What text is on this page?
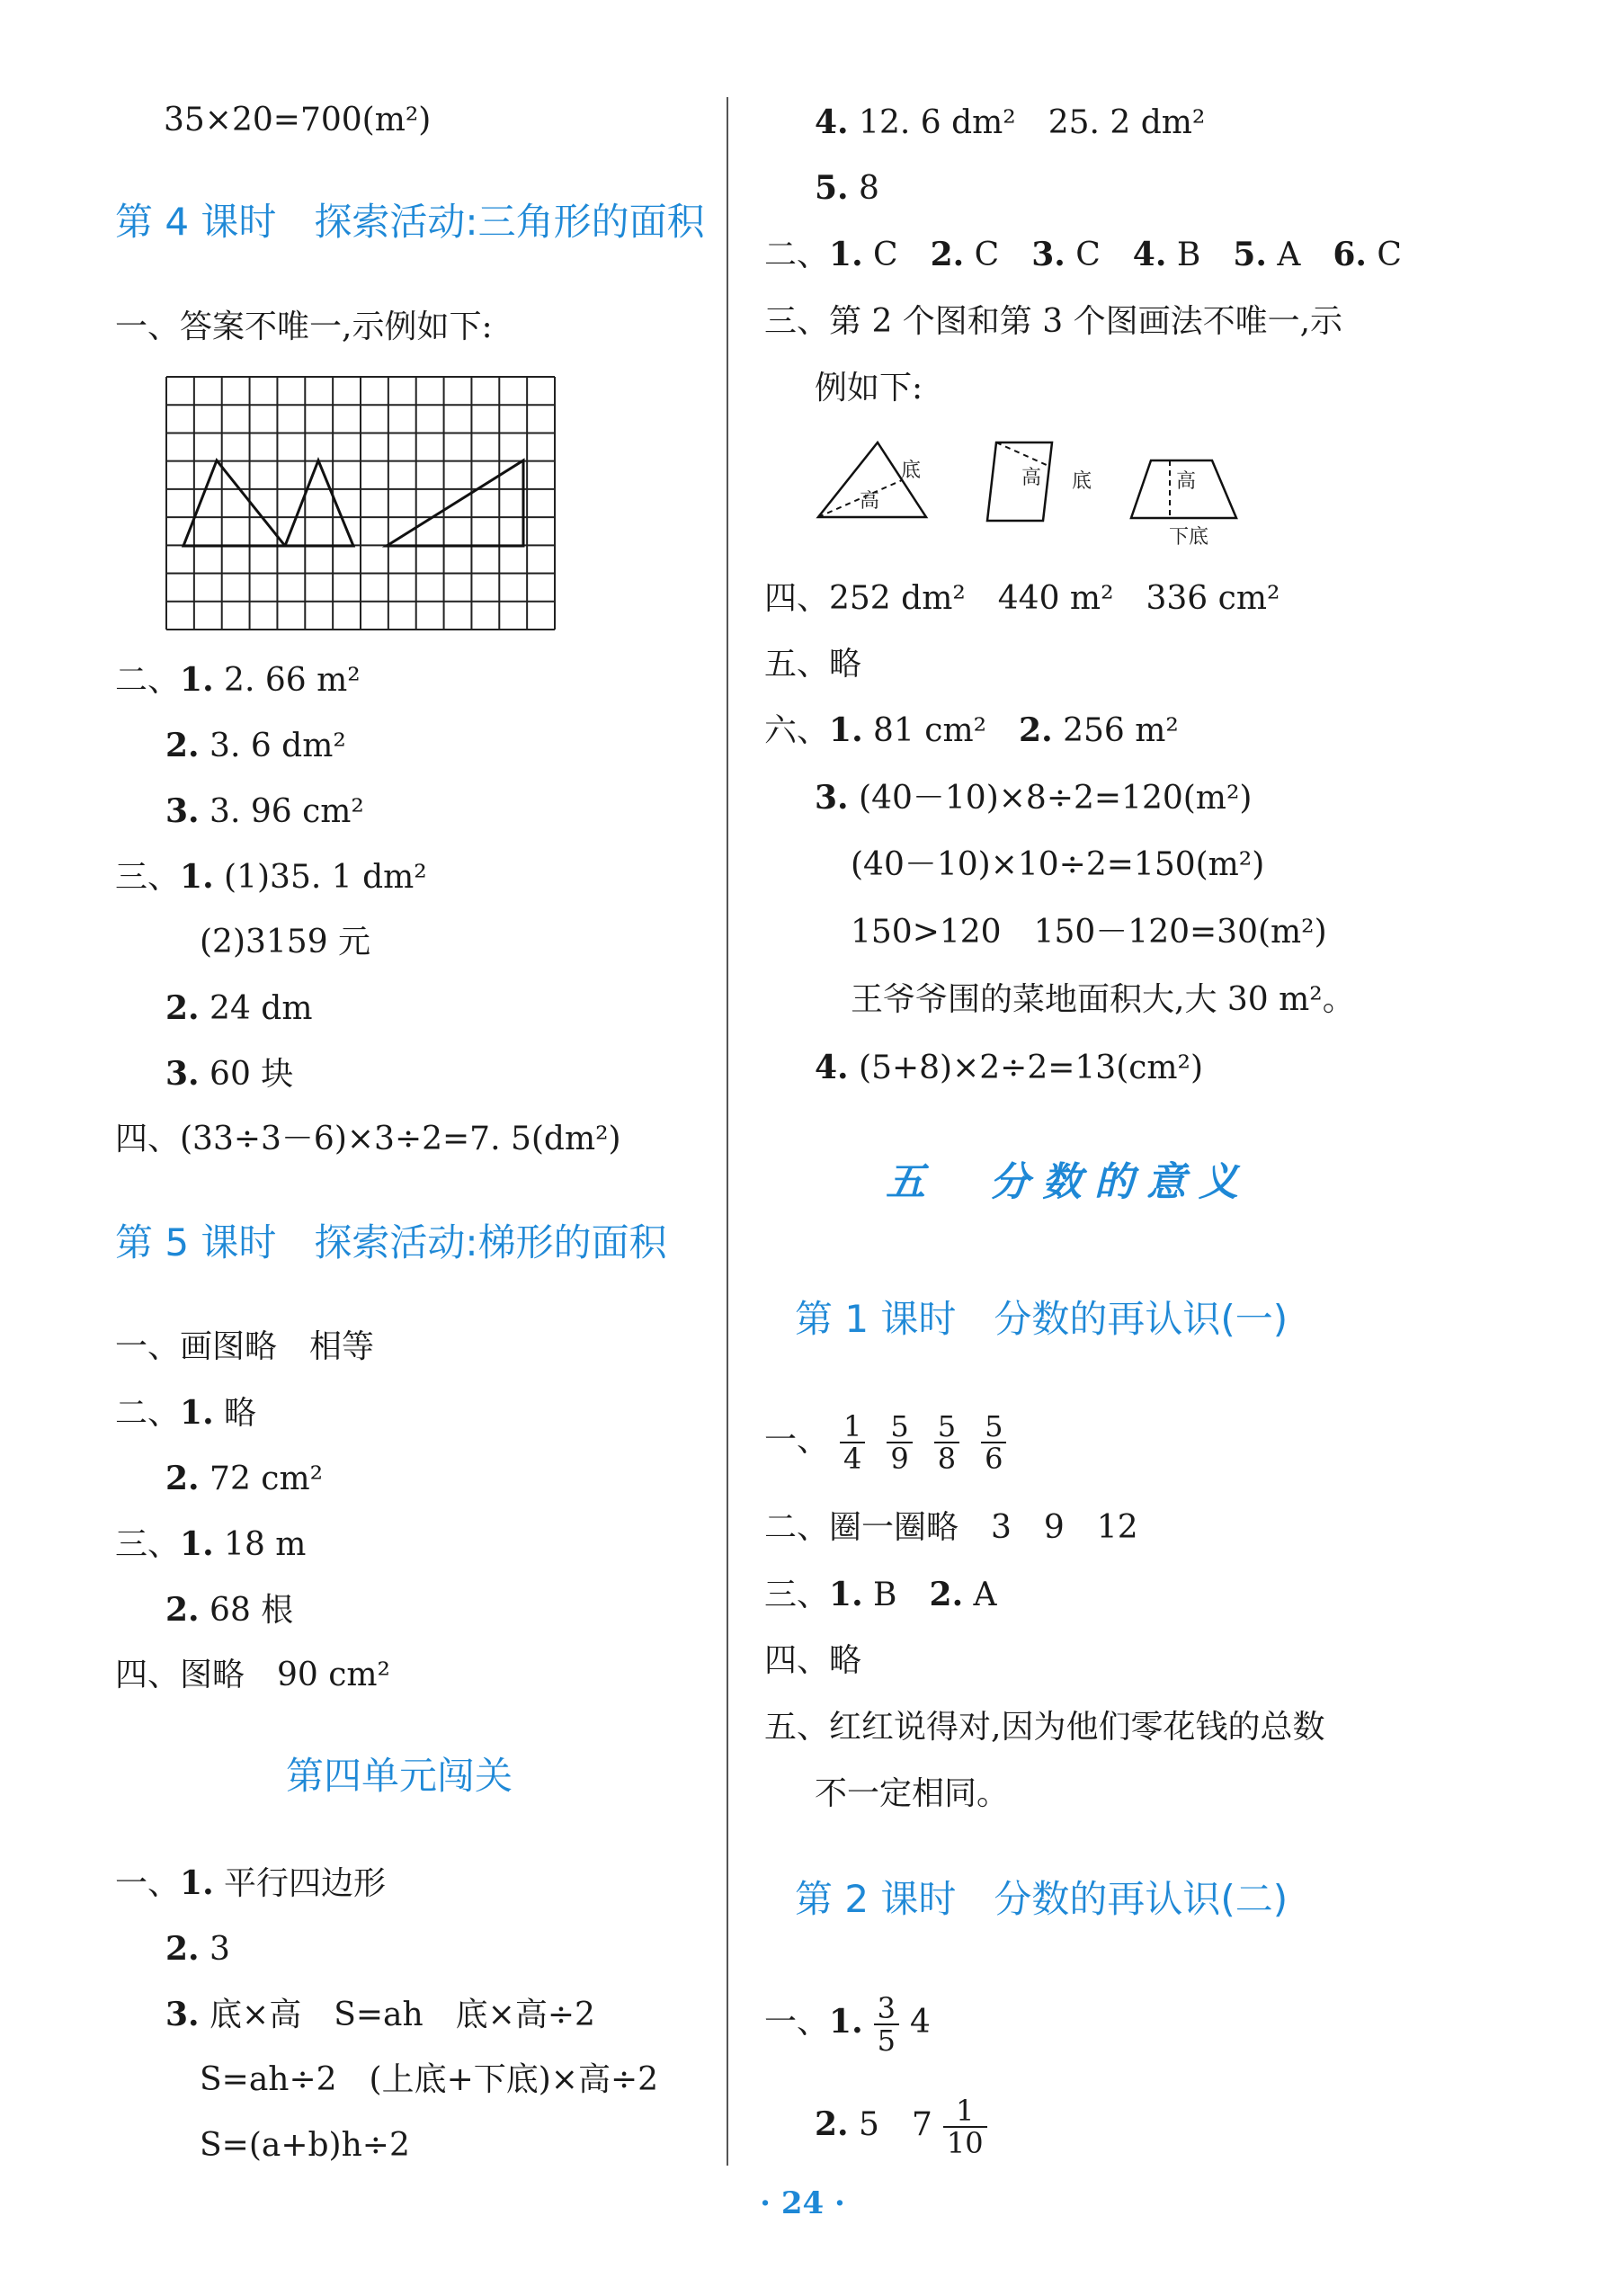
35×20=700(m²)
第 4 课时　探索活动:三角形的面积
一、答案不唯一,示例如下:
二、1. 2. 66 m²
2. 3. 6 dm²
3. 3. 96 cm²
三、1. (1)35. 1 dm²
(2)3159 元
2. 24 dm
3. 60 块
四、(33÷3－6)×3÷2=7. 5(dm²)
第 5 课时　探索活动:梯形的面积
一、画图略　相等
二、1. 略
2. 72 cm²
三、1. 18 m
2. 68 根
四、图略　90 cm²
第四单元闯关
一、1. 平行四边形
2. 3
3. 底×高　S=ah　底×高÷2
S=ah÷2　(上底+下底)×高÷2
S=(a+b)h÷2
4. 12. 6 dm²　25. 2 dm²
5. 8
二、1. C　2. C　3. C　4. B　5. A　6. C
三、第 2 个图和第 3 个图画法不唯一,示
例如下:
底
高
高 底	高
下底
四、252 dm²　440 m²　336 cm²
五、略
六、1. 81 cm²　2. 256 m²
3. (40－10)×8÷2=120(m²)
(40－10)×10÷2=150(m²)
150>120　150－120=30(m²)
王爷爷围的菜地面积大,大 30 m²。
4. (5+8)×2÷2=13(cm²)
五　分数的意义
第 1 课时　分数的再认识(一)
一、 $\frac{1}{4} \frac{5}{9} \frac{5}{8} \frac{5}{6}$
二、圈一圈略　3　9　12
三、1. B　2. A
四、略
五、红红说得对,因为他们零花钱的总数
不一定相同。
第 2 课时　分数的再认识(二)
一、1. $\frac{3}{5} 4$
2. 5　$7 \frac{1}{10}$
· 24 ·
